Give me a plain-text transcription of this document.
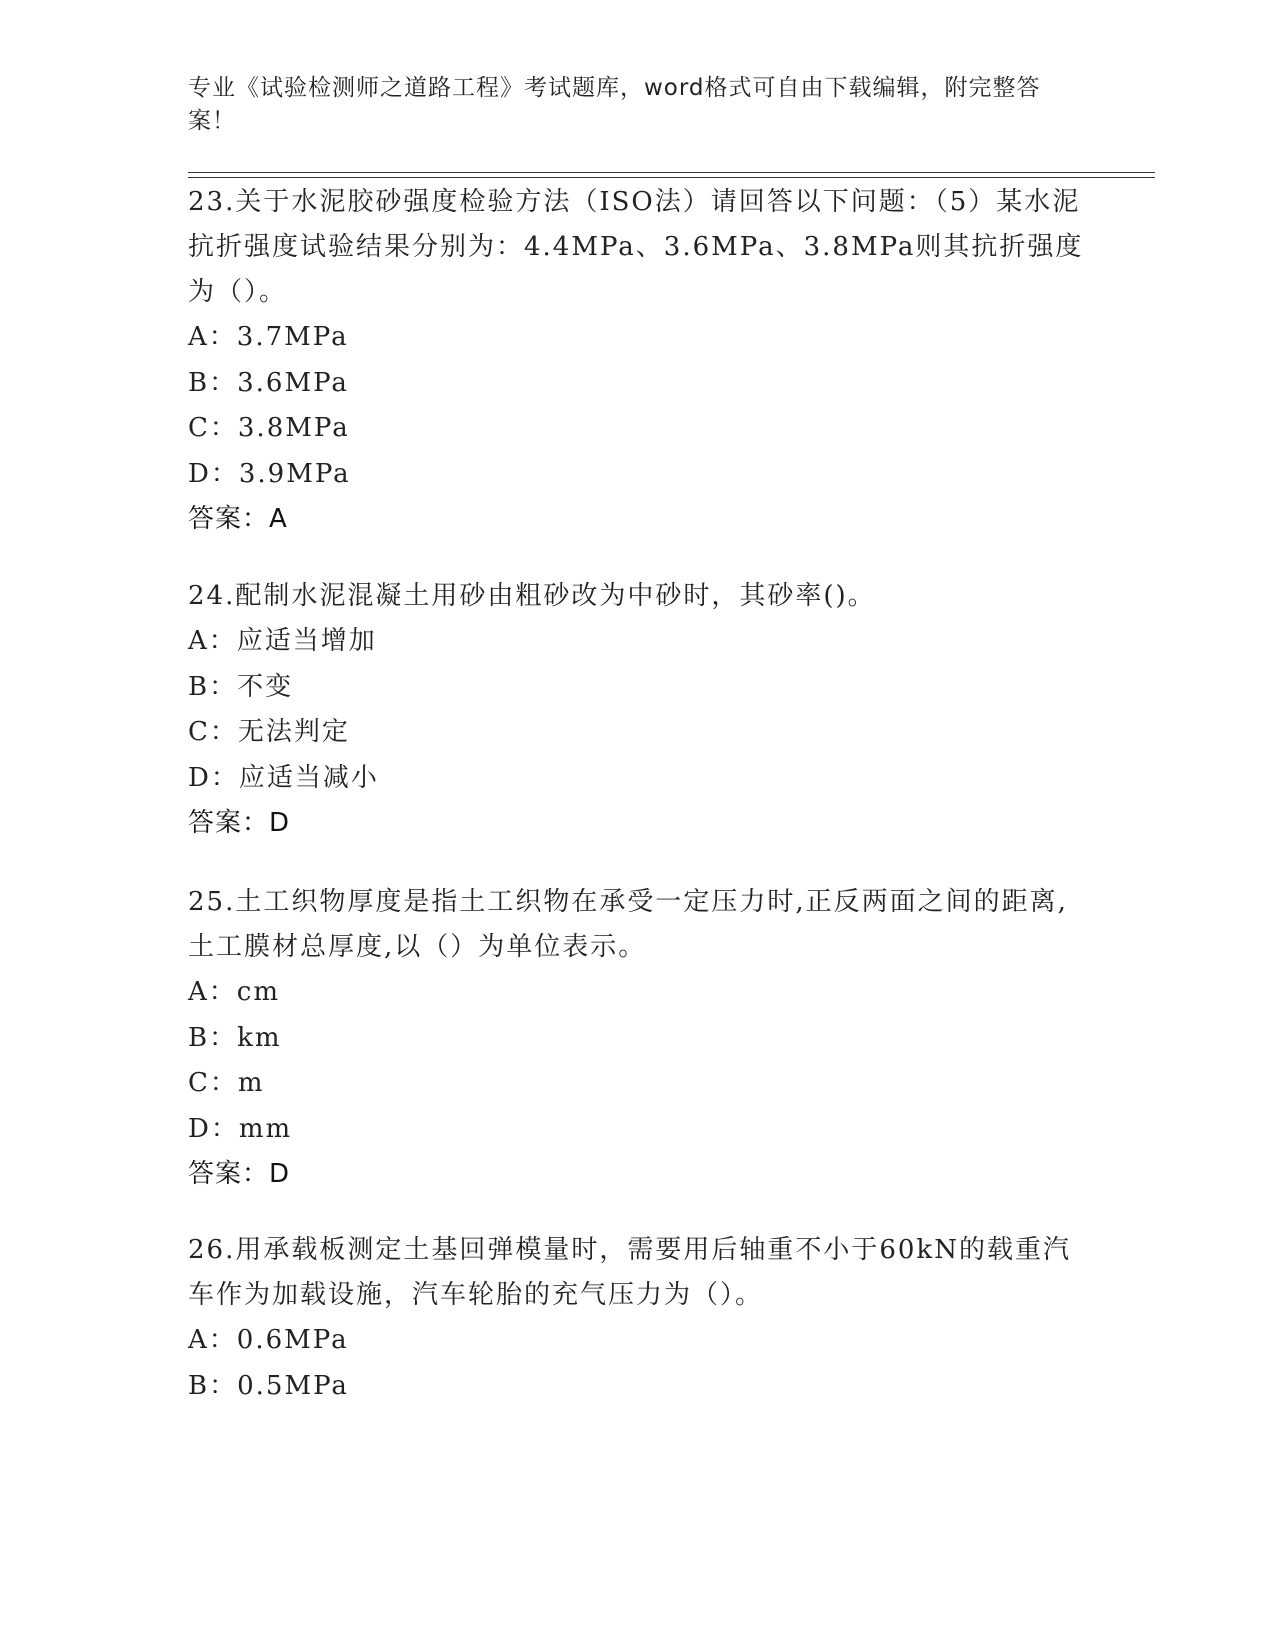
专业《试验检测师之道路工程》考试题库，word格式可自由下载编辑，附完整答案！
23.关于水泥胶砂强度检验方法（ISO法）请回答以下问题：（5）某水泥抗折强度试验结果分别为：4.4MPa、3.6MPa、3.8MPa则其抗折强度为（）。
A：3.7MPa
B：3.6MPa
C：3.8MPa
D：3.9MPa
答案：A
24.配制水泥混凝土用砂由粗砂改为中砂时，其砂率()。
A：应适当增加
B：不变
C：无法判定
D：应适当减小
答案：D
25.土工织物厚度是指土工织物在承受一定压力时,正反两面之间的距离,土工膜材总厚度,以（）为单位表示。
A：cm
B：km
C：m
D：mm
答案：D
26.用承载板测定土基回弹模量时，需要用后轴重不小于60kN的载重汽车作为加载设施，汽车轮胎的充气压力为（）。
A：0.6MPa
B：0.5MPa
